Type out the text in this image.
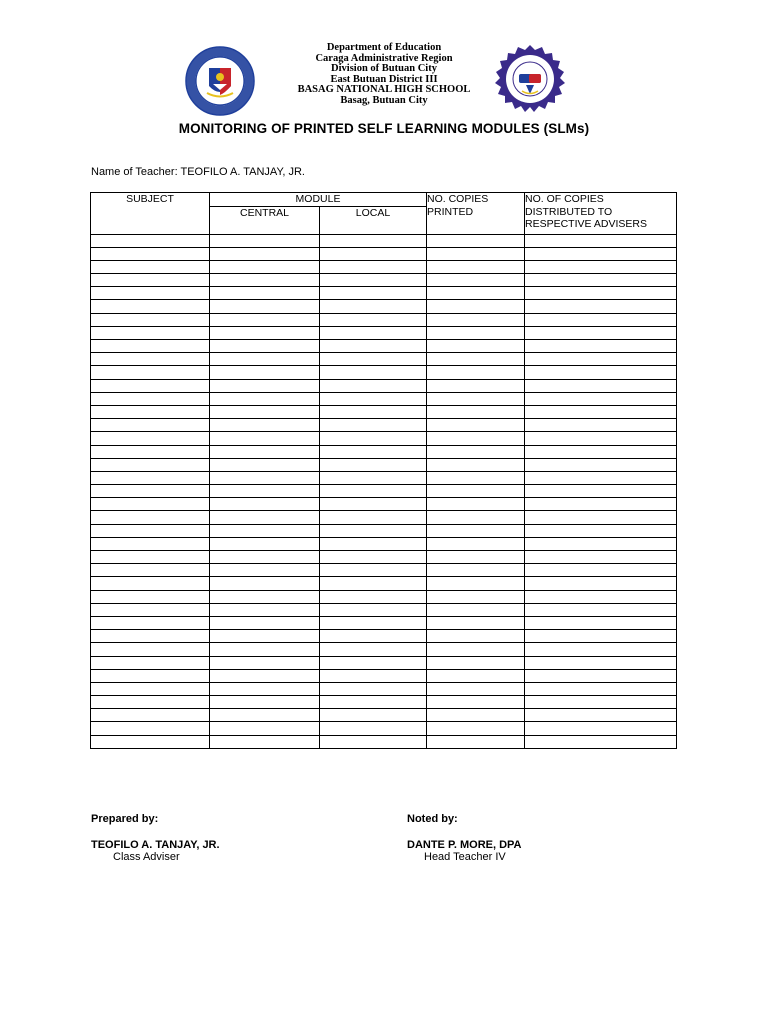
Department of Education
Caraga Administrative Region
Division of Butuan City
East Butuan District III
BASAG NATIONAL HIGH SCHOOL
Basag, Butuan City
MONITORING OF PRINTED SELF LEARNING MODULES (SLMs)
Name of Teacher: TEOFILO A. TANJAY, JR.
SUBJECT	MODULE		NO. COPIES PRINTED	NO. OF COPIES DISTRIBUTED TO RESPECTIVE ADVISERS
	CENTRAL	LOCAL		

Prepared by:
TEOFILO A. TANJAY, JR.
Class Adviser
Noted by:
DANTE P. MORE, DPA
Head Teacher IV
